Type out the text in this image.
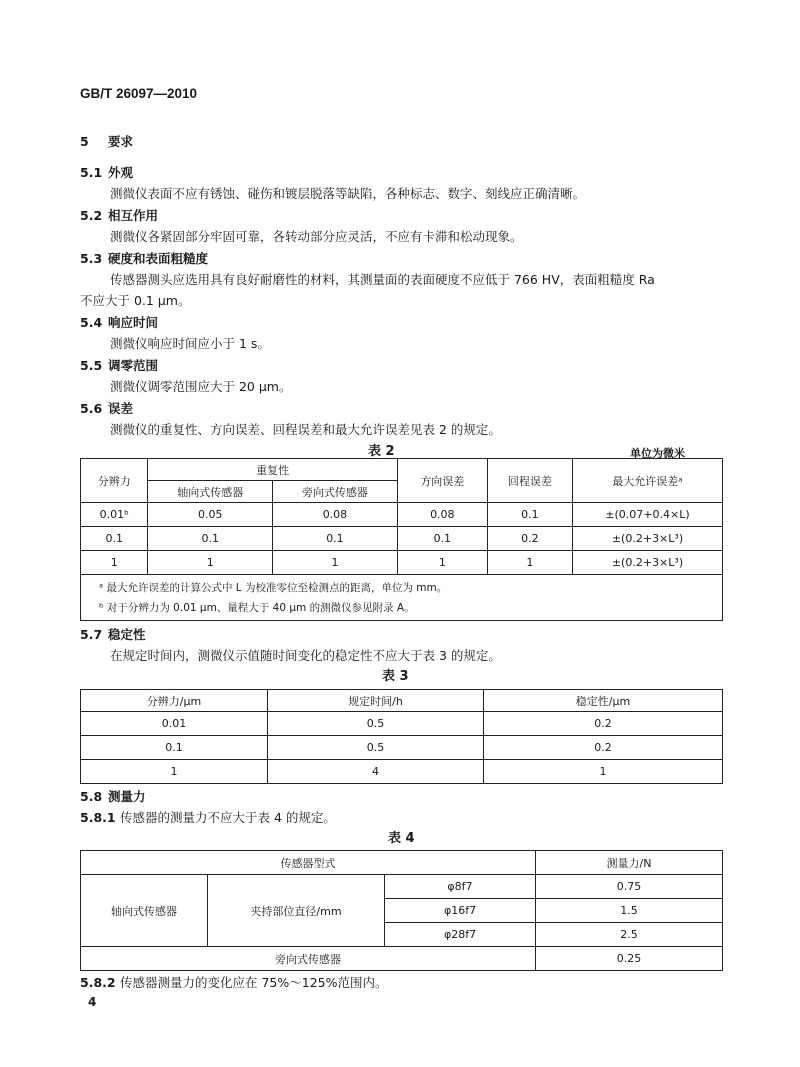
GB/T 26097—2010
5 要求
5.1 外观
测微仪表面不应有锈蚀、碰伤和镀层脱落等缺陷，各种标志、数字、刻线应正确清晰。
5.2 相互作用
测微仪各紧固部分牢固可靠，各转动部分应灵活，不应有卡滞和松动现象。
5.3 硬度和表面粗糙度
传感器测头应选用具有良好耐磨性的材料，其测量面的表面硬度不应低于 766 HV，表面粗糙度 Ra
不应大于 0.1 μm。
5.4 响应时间
测微仪响应时间应小于 1 s。
5.5 调零范围
测微仪调零范围应大于 20 μm。
5.6 误差
测微仪的重复性、方向误差、回程误差和最大允许误差见表 2 的规定。
表 2	单位为微米
分辨力	重复性		方向误差	回程误差	最大允许误差ᵃ
	轴向式传感器	旁向式传感器			
0.01ᵇ	0.05	0.08	0.08	0.1	±(0.07+0.4×L)
0.1	0.1	0.1	0.1	0.2	±(0.2+3×L³)
1	1	1	1	1	±(0.2+3×L³)

ᵃ 最大允许误差的计算公式中 L 为校准零位至检测点的距离，单位为 mm。
ᵇ 对于分辨力为 0.01 μm、量程大于 40 μm 的测微仪参见附录 A。					
5.7 稳定性
在规定时间内，测微仪示值随时间变化的稳定性不应大于表 3 的规定。
表 3
分辨力/μm	规定时间/h	稳定性/μm
0.01	0.5	0.2
0.1	0.5	0.2
1	4	1
5.8 测量力
5.8.1 传感器的测量力不应大于表 4 的规定。
表 4
传感器型式			测量力/N
轴向式传感器	夹持部位直径/mm	φ8f7	0.75
		φ16f7	1.5
		φ28f7	2.5
旁向式传感器			0.25
5.8.2 传感器测量力的变化应在 75%～125%范围内。
4
